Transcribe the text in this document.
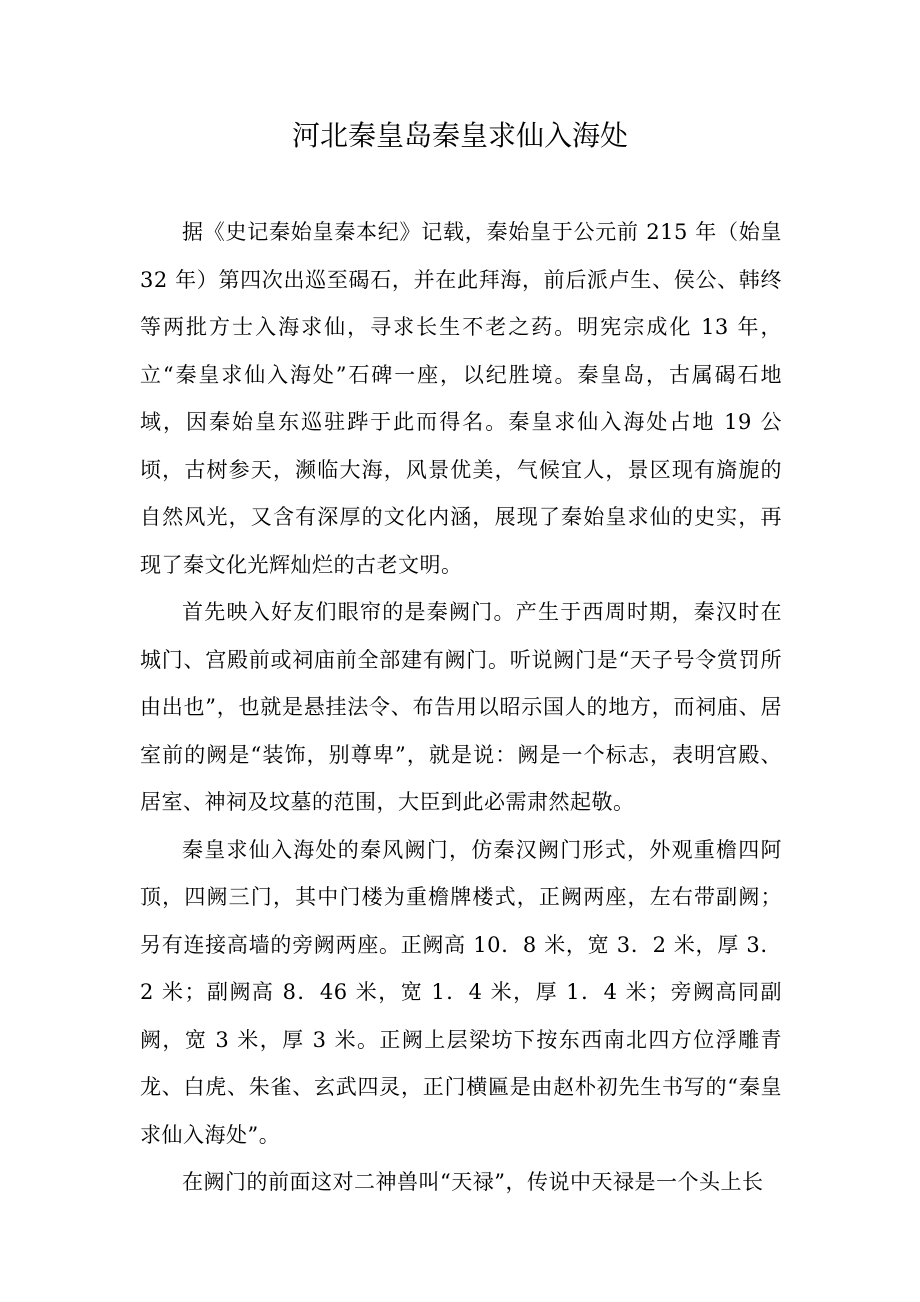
河北秦皇岛秦皇求仙入海处

据《史记秦始皇秦本纪》记载，秦始皇于公元前 215 年（始皇 32 年）第四次出巡至碣石，并在此拜海，前后派卢生、侯公、韩终等两批方士入海求仙，寻求长生不老之药。明宪宗成化 13 年，立“秦皇求仙入海处”石碑一座，以纪胜境。秦皇岛，古属碣石地域，因秦始皇东巡驻跸于此而得名。秦皇求仙入海处占地 19 公顷，古树参天，濒临大海，风景优美，气候宜人，景区现有旖旎的自然风光，又含有深厚的文化内涵，展现了秦始皇求仙的史实，再现了秦文化光辉灿烂的古老文明。

首先映入好友们眼帘的是秦阙门。产生于西周时期，秦汉时在城门、宫殿前或祠庙前全部建有阙门。听说阙门是“天子号令赏罚所由出也”，也就是悬挂法令、布告用以昭示国人的地方，而祠庙、居室前的阙是“装饰，别尊卑”，就是说：阙是一个标志，表明宫殿、居室、神祠及坟墓的范围，大臣到此必需肃然起敬。

秦皇求仙入海处的秦风阙门，仿秦汉阙门形式，外观重檐四阿顶，四阙三门，其中门楼为重檐牌楼式，正阙两座，左右带副阙；另有连接高墙的旁阙两座。正阙高 10．8 米，宽 3．2 米，厚 3．2 米；副阙高 8．46 米，宽 1．4 米，厚 1．4 米；旁阙高同副阙，宽 3 米，厚 3 米。正阙上层梁坊下按东西南北四方位浮雕青龙、白虎、朱雀、玄武四灵，正门横匾是由赵朴初先生书写的“秦皇求仙入海处”。

在阙门的前面这对二神兽叫“天禄”，传说中天禄是一个头上长
